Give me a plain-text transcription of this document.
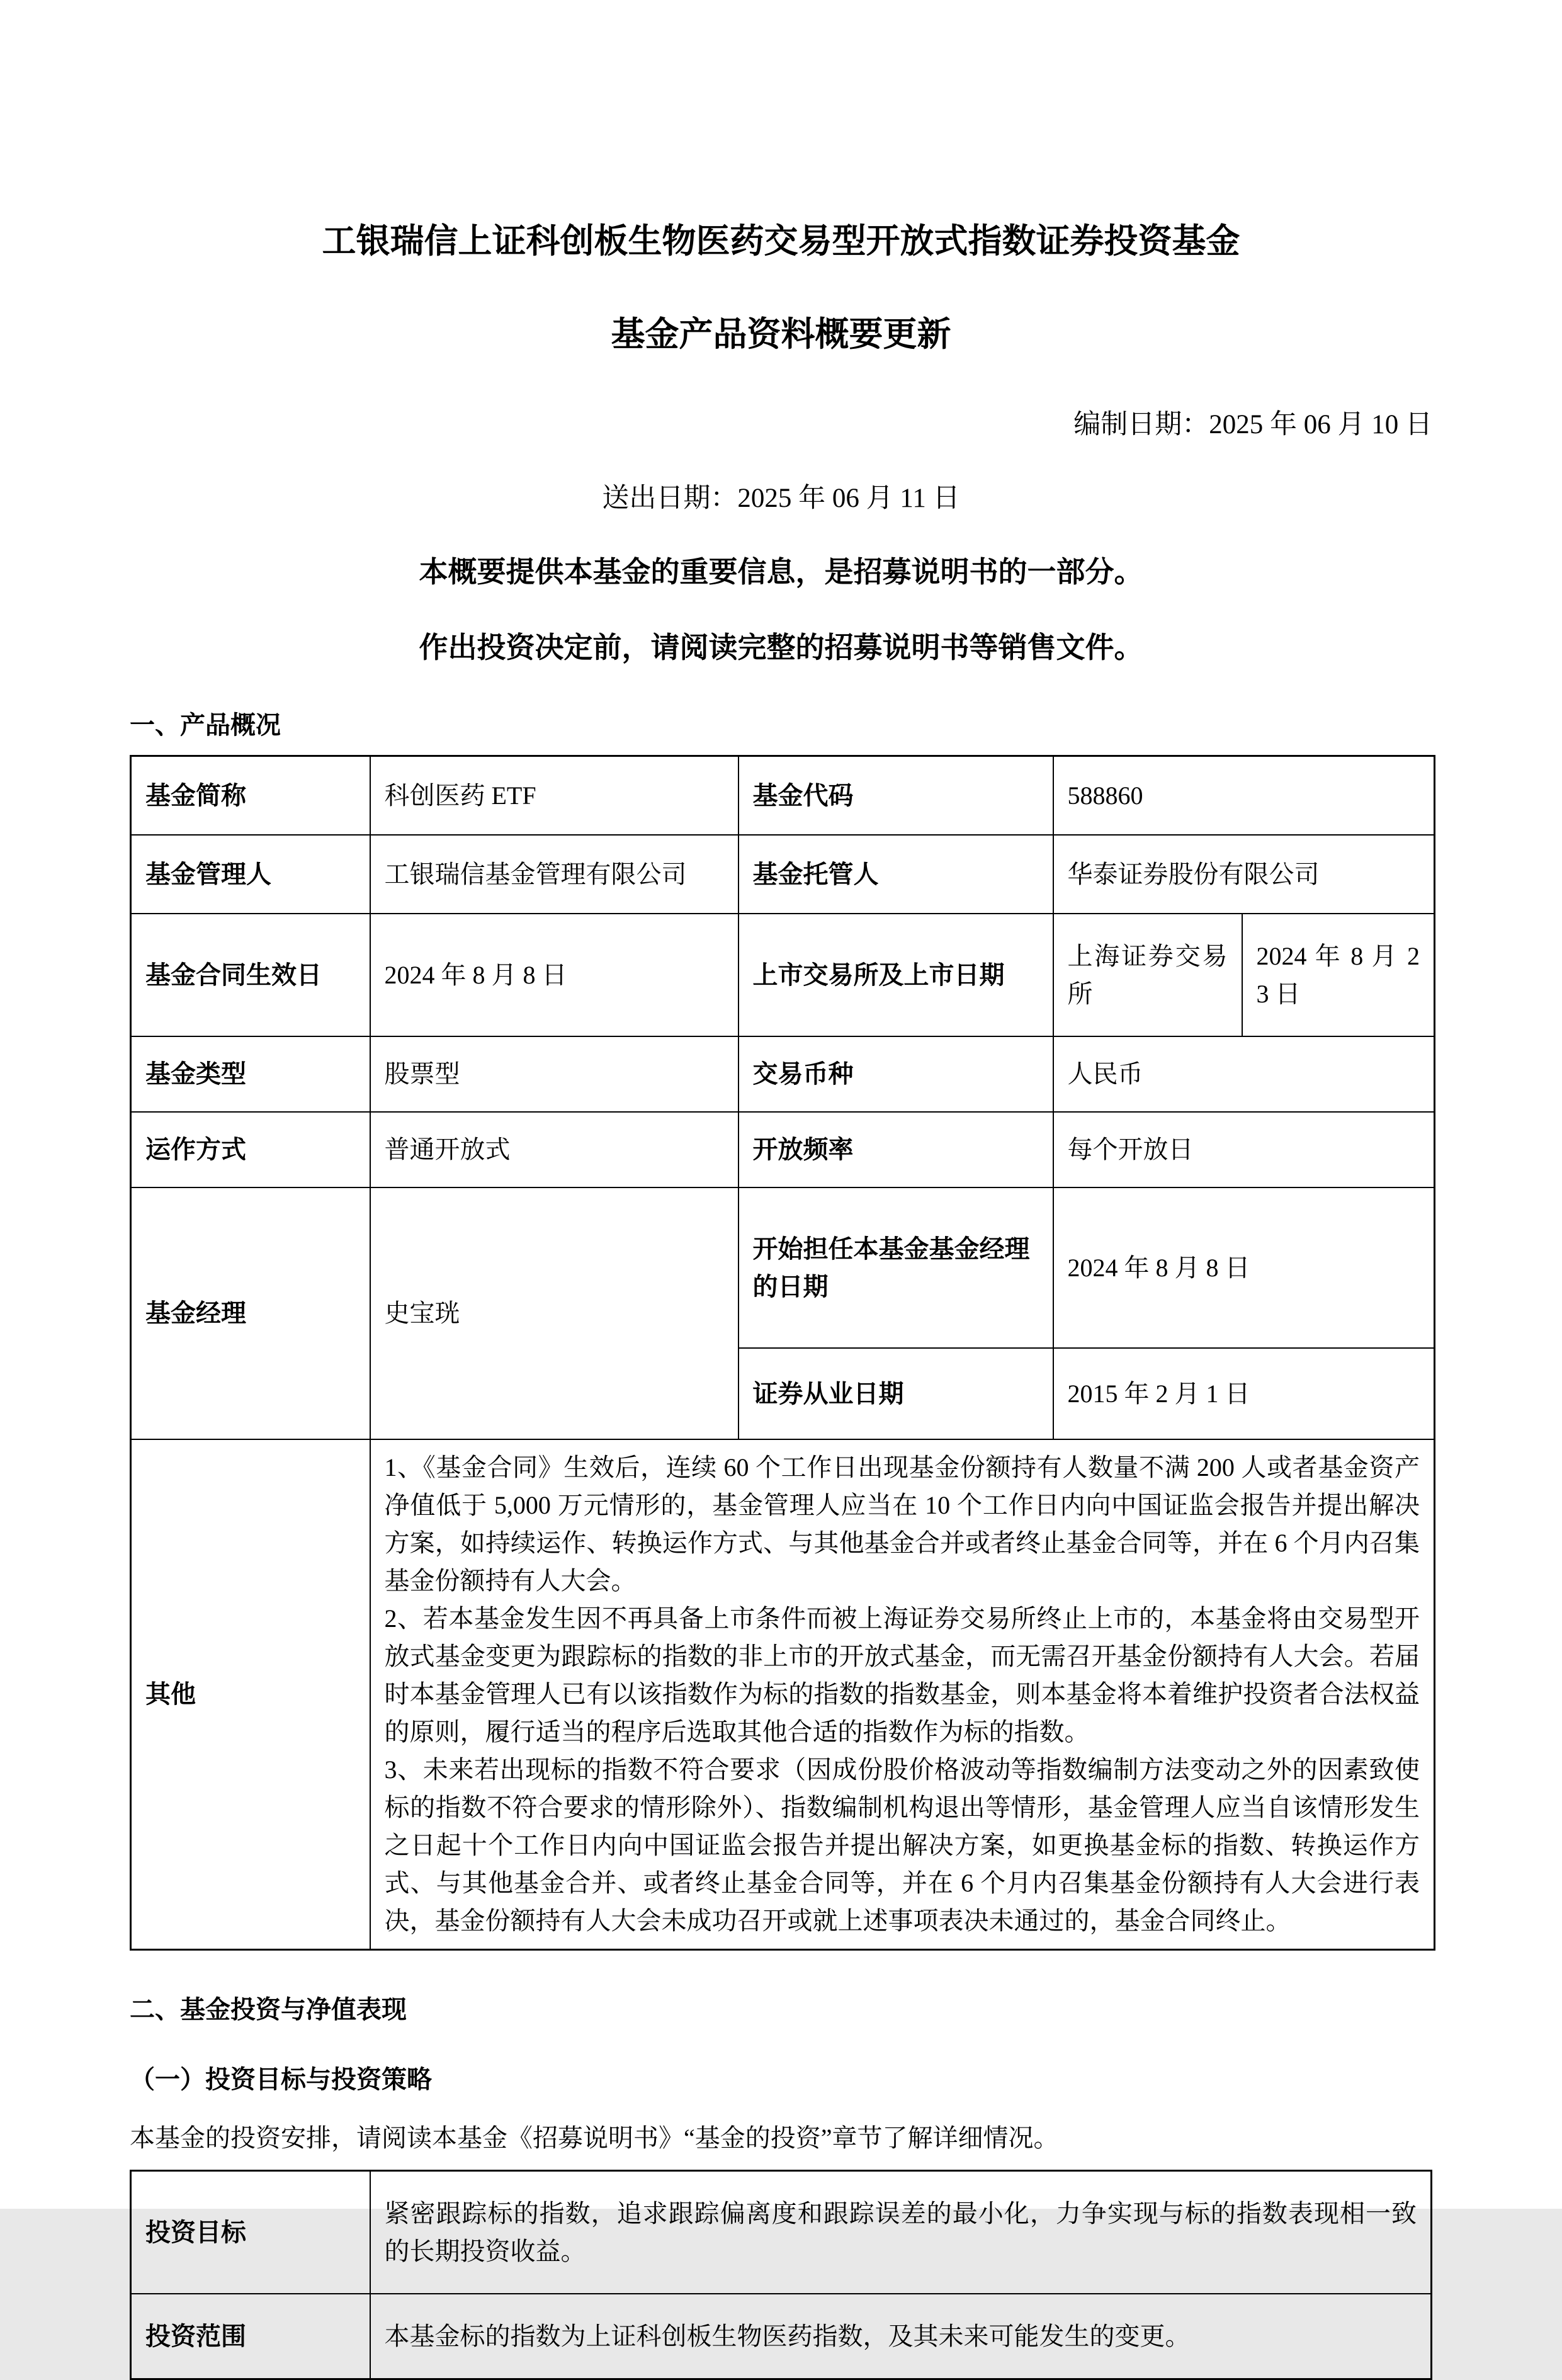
工银瑞信上证科创板生物医药交易型开放式指数证券投资基金
基金产品资料概要更新
编制日期：2025 年 06 月 10 日
送出日期：2025 年 06 月 11 日
本概要提供本基金的重要信息，是招募说明书的一部分。
作出投资决定前，请阅读完整的招募说明书等销售文件。
一、产品概况
基金简称	科创医药 ETF	基金代码	588860	
基金管理人	工银瑞信基金管理有限公司	基金托管人	华泰证券股份有限公司	
基金合同生效日	2024 年 8 月 8 日	上市交易所及上市日期	上海证券交易所	2024 年 8 月 23 日
基金类型	股票型	交易币种	人民币	
运作方式	普通开放式	开放频率	每个开放日	
基金经理	史宝珖	开始担任本基金基金经理的日期	2024 年 8 月 8 日	
		证券从业日期	2015 年 2 月 1 日	
其他	1、《基金合同》生效后，连续 60 个工作日出现基金份额持有人数量不满 200 人或者基金资产净值低于 5,000 万元情形的，基金管理人应当在 10 个工作日内向中国证监会报告并提出解决方案，如持续运作、转换运作方式、与其他基金合并或者终止基金合同等，并在 6 个月内召集基金份额持有人大会。

2、若本基金发生因不再具备上市条件而被上海证券交易所终止上市的，本基金将由交易型开放式基金变更为跟踪标的指数的非上市的开放式基金，而无需召开基金份额持有人大会。若届时本基金管理人已有以该指数作为标的指数的指数基金，则本基金将本着维护投资者合法权益的原则，履行适当的程序后选取其他合适的指数作为标的指数。

3、未来若出现标的指数不符合要求（因成份股价格波动等指数编制方法变动之外的因素致使标的指数不符合要求的情形除外）、指数编制机构退出等情形，基金管理人应当自该情形发生之日起十个工作日内向中国证监会报告并提出解决方案，如更换基金标的指数、转换运作方式、与其他基金合并、或者终止基金合同等，并在 6 个月内召集基金份额持有人大会进行表决，基金份额持有人大会未成功召开或就上述事项表决未通过的，基金合同终止。			

二、基金投资与净值表现
（一）投资目标与投资策略
本基金的投资安排，请阅读本基金《招募说明书》“基金的投资”章节了解详细情况。
投资目标	紧密跟踪标的指数，追求跟踪偏离度和跟踪误差的最小化，力争实现与标的指数表现相一致的长期投资收益。
投资范围	本基金标的指数为上证科创板生物医药指数，及其未来可能发生的变更。
